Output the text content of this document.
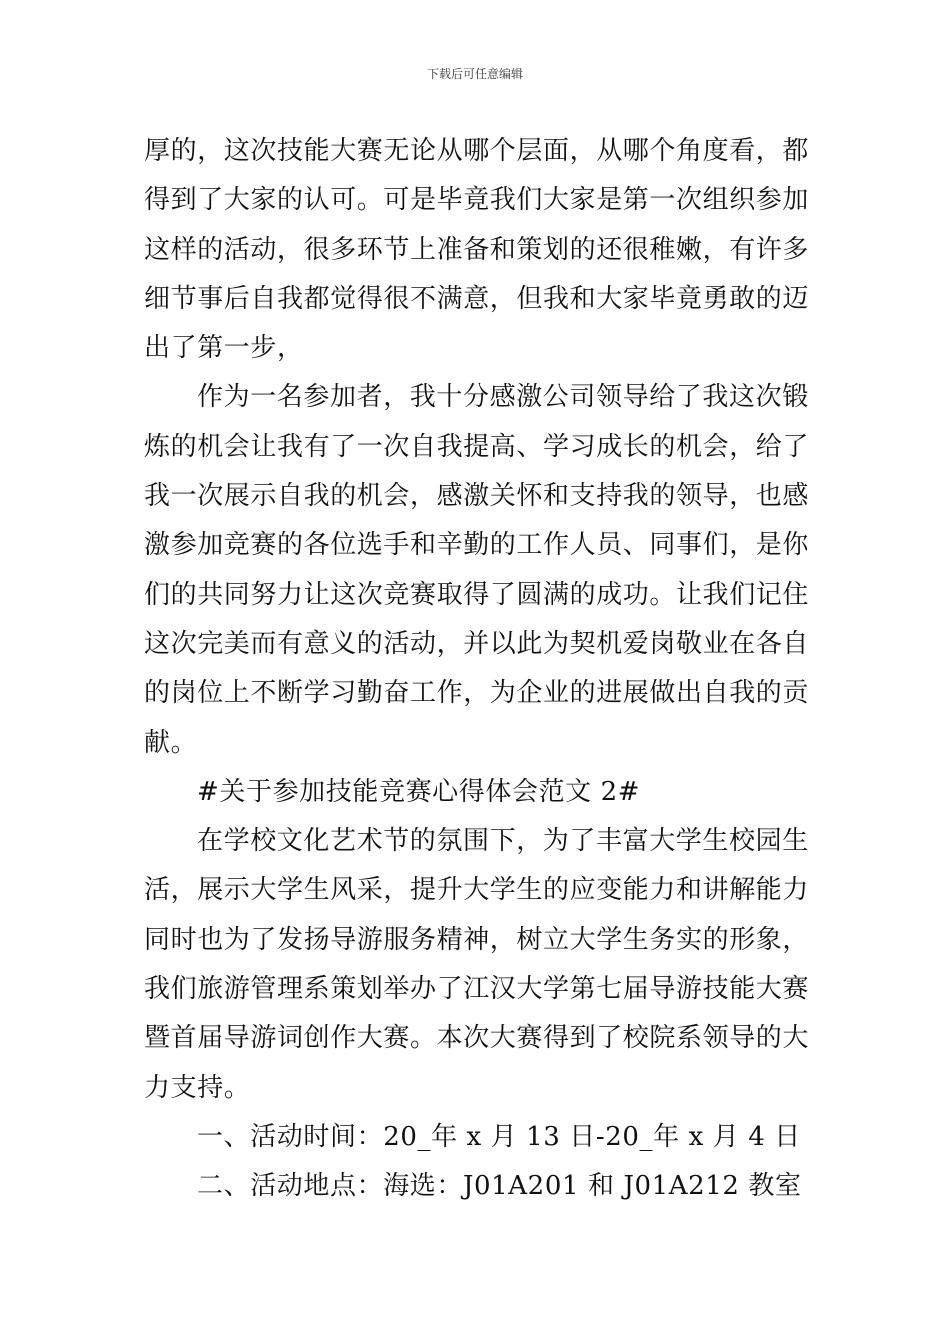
下载后可任意编辑
厚的，这次技能大赛无论从哪个层面，从哪个角度看，都
得到了大家的认可。可是毕竟我们大家是第一次组织参加
这样的活动，很多环节上准备和策划的还很稚嫩，有许多
细节事后自我都觉得很不满意，但我和大家毕竟勇敢的迈
出了第一步，
作为一名参加者，我十分感激公司领导给了我这次锻
炼的机会让我有了一次自我提高、学习成长的机会，给了
我一次展示自我的机会，感激关怀和支持我的领导，也感
激参加竞赛的各位选手和辛勤的工作人员、同事们，是你
们的共同努力让这次竞赛取得了圆满的成功。让我们记住
这次完美而有意义的活动，并以此为契机爱岗敬业在各自
的岗位上不断学习勤奋工作，为企业的进展做出自我的贡
献。
#关于参加技能竞赛心得体会范文 2#
在学校文化艺术节的氛围下，为了丰富大学生校园生
活，展示大学生风采，提升大学生的应变能力和讲解能力
同时也为了发扬导游服务精神，树立大学生务实的形象，
我们旅游管理系策划举办了江汉大学第七届导游技能大赛
暨首届导游词创作大赛。本次大赛得到了校院系领导的大
力支持。
一、活动时间：20_年 x 月 13 日-20_年 x 月 4 日
二、活动地点：海选：J01A201 和 J01A212 教室
